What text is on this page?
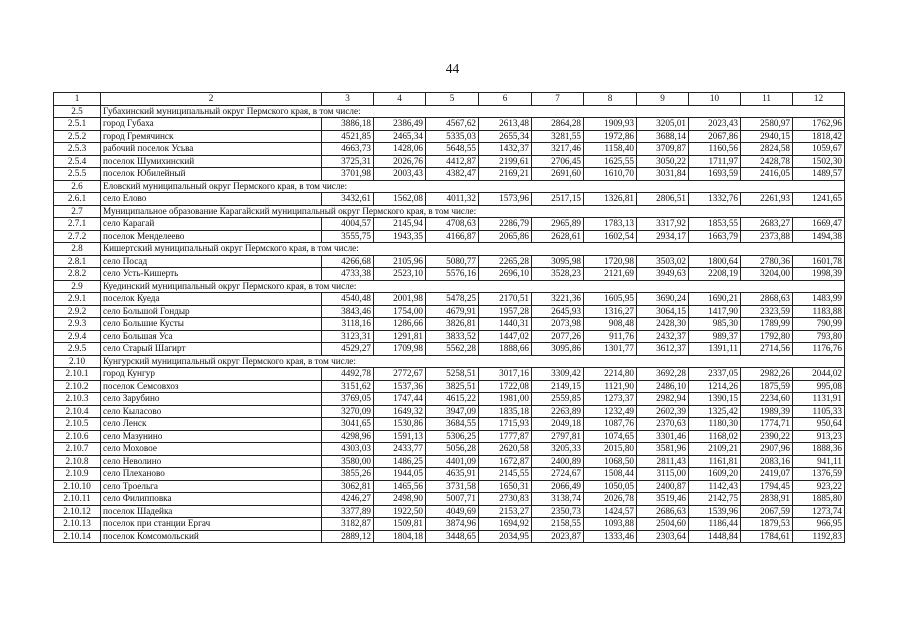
44
1	2	3	4	5	6	7	8	9	10	11	12
2.5	Губахинский муниципальный округ Пермского края, в том числе:										
2.5.1	город Губаха	3886,18	2386,49	4567,62	2613,48	2864,28	1909,93	3205,01	2023,43	2580,97	1762,96
2.5.2	город Гремячинск	4521,85	2465,34	5335,03	2655,34	3281,55	1972,86	3688,14	2067,86	2940,15	1818,42
2.5.3	рабочий поселок Усьва	4663,73	1428,06	5648,55	1432,37	3217,46	1158,40	3709,87	1160,56	2824,58	1059,67
2.5.4	поселок Шумихинский	3725,31	2026,76	4412,87	2199,61	2706,45	1625,55	3050,22	1711,97	2428,78	1502,30
2.5.5	поселок Юбилейный	3701,98	2003,43	4382,47	2169,21	2691,60	1610,70	3031,84	1693,59	2416,05	1489,57
2.6	Еловский муниципальный округ Пермского края, в том числе:										
2.6.1	село Елово	3432,61	1562,08	4011,32	1573,96	2517,15	1326,81	2806,51	1332,76	2261,93	1241,65
2.7	Муниципальное образование Карагайский муниципальный округ Пермского края, в том числе:										
2.7.1	село Карагай	4004,57	2145,94	4708,63	2286,79	2965,89	1783,13	3317,92	1853,55	2683,27	1669,47
2.7.2	поселок Менделеево	3555,75	1943,35	4166,87	2065,86	2628,61	1602,54	2934,17	1663,79	2373,88	1494,38
2.8	Кишертский муниципальный округ Пермского края, в том числе:										
2.8.1	село Посад	4266,68	2105,96	5080,77	2265,28	3095,98	1720,98	3503,02	1800,64	2780,36	1601,78
2.8.2	село Усть-Кишерть	4733,38	2523,10	5576,16	2696,10	3528,23	2121,69	3949,63	2208,19	3204,00	1998,39
2.9	Куединский муниципальный округ Пермского края, в том числе:										
2.9.1	поселок Куеда	4540,48	2001,98	5478,25	2170,51	3221,36	1605,95	3690,24	1690,21	2868,63	1483,99
2.9.2	село Большой Гондыр	3843,46	1754,00	4679,91	1957,28	2645,93	1316,27	3064,15	1417,90	2323,59	1183,88
2.9.3	село Большие Кусты	3118,16	1286,66	3826,81	1440,31	2073,98	908,48	2428,30	985,30	1789,99	790,99
2.9.4	село Большая Уса	3123,31	1291,81	3833,52	1447,02	2077,26	911,76	2432,37	989,37	1792,80	793,80
2.9.5	село Старый Шагирт	4529,27	1709,98	5562,28	1888,66	3095,86	1301,77	3612,37	1391,11	2714,56	1176,76
2.10	Кунгурский муниципальный округ Пермского края, в том числе:										
2.10.1	город Кунгур	4492,78	2772,67	5258,51	3017,16	3309,42	2214,80	3692,28	2337,05	2982,26	2044,02
2.10.2	поселок Семсовхоз	3151,62	1537,36	3825,51	1722,08	2149,15	1121,90	2486,10	1214,26	1875,59	995,08
2.10.3	село Зарубино	3769,05	1747,44	4615,22	1981,00	2559,85	1273,37	2982,94	1390,15	2234,60	1131,91
2.10.4	село Кыласово	3270,09	1649,32	3947,09	1835,18	2263,89	1232,49	2602,39	1325,42	1989,39	1105,33
2.10.5	село Ленск	3041,65	1530,86	3684,55	1715,93	2049,18	1087,76	2370,63	1180,30	1774,71	950,64
2.10.6	село Мазунино	4298,96	1591,13	5306,25	1777,87	2797,81	1074,65	3301,46	1168,02	2390,22	913,23
2.10.7	село Моховое	4303,03	2433,77	5056,28	2620,58	3205,33	2015,80	3581,96	2109,21	2907,96	1888,36
2.10.8	село Неволино	3580,00	1486,25	4401,09	1672,87	2400,89	1068,50	2811,43	1161,81	2083,16	941,11
2.10.9	село Плеханово	3855,26	1944,05	4635,91	2145,55	2724,67	1508,44	3115,00	1609,20	2419,07	1376,59
2.10.10	село Троельга	3062,81	1465,56	3731,58	1650,31	2066,49	1050,05	2400,87	1142,43	1794,45	923,22
2.10.11	село Филипповка	4246,27	2498,90	5007,71	2730,83	3138,74	2026,78	3519,46	2142,75	2838,91	1885,80
2.10.12	поселок Шадейка	3377,89	1922,50	4049,69	2153,27	2350,73	1424,57	2686,63	1539,96	2067,59	1273,74
2.10.13	поселок при станции Ергач	3182,87	1509,81	3874,96	1694,92	2158,55	1093,88	2504,60	1186,44	1879,53	966,95
2.10.14	поселок Комсомольский	2889,12	1804,18	3448,65	2034,95	2023,87	1333,46	2303,64	1448,84	1784,61	1192,83
